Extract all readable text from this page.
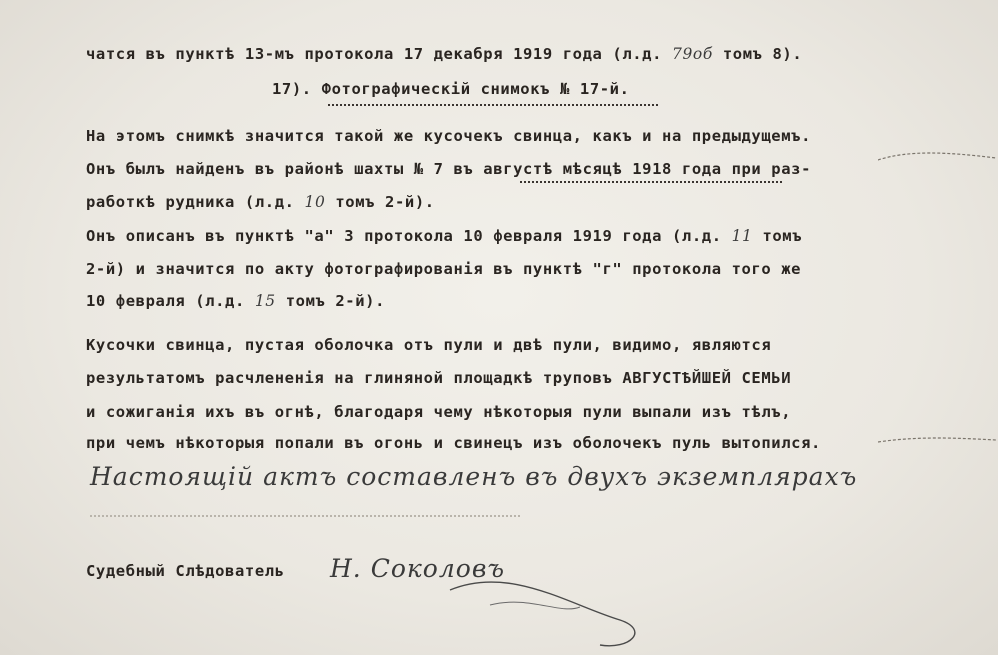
чатся въ пунктѣ 13-мъ протокола 17 декабря 1919 года (л.д. 79об томъ 8).
17). Фотографическій снимокъ № 17-й.
На этомъ снимкѣ значится такой же кусочекъ свинца, какъ и на предыдущемъ.
Онъ былъ найденъ въ районѣ шахты № 7 въ августѣ мѣсяцѣ 1918 года при раз-
работкѣ рудника (л.д. 10 томъ 2-й).
Онъ описанъ въ пунктѣ "а" 3 протокола 10 февраля 1919 года (л.д. 11 томъ
2-й) и значится по акту фотографированія въ пунктѣ "г" протокола того же
10 февраля (л.д. 15 томъ 2-й).
Кусочки свинца, пустая оболочка отъ пули и двѣ пули, видимо, являются
результатомъ расчлененія на глиняной площадкѣ труповъ АВГУСТѢЙШЕЙ СЕМЬИ
и сожиганія ихъ въ огнѣ, благодаря чему нѣкоторыя пули выпали изъ тѣлъ,
при чемъ нѣкоторыя попали въ огонь и свинецъ изъ оболочекъ пуль вытопился.
Настоящій актъ составленъ въ двухъ экземплярахъ
Судебный Слѣдователь Н. Соколовъ
